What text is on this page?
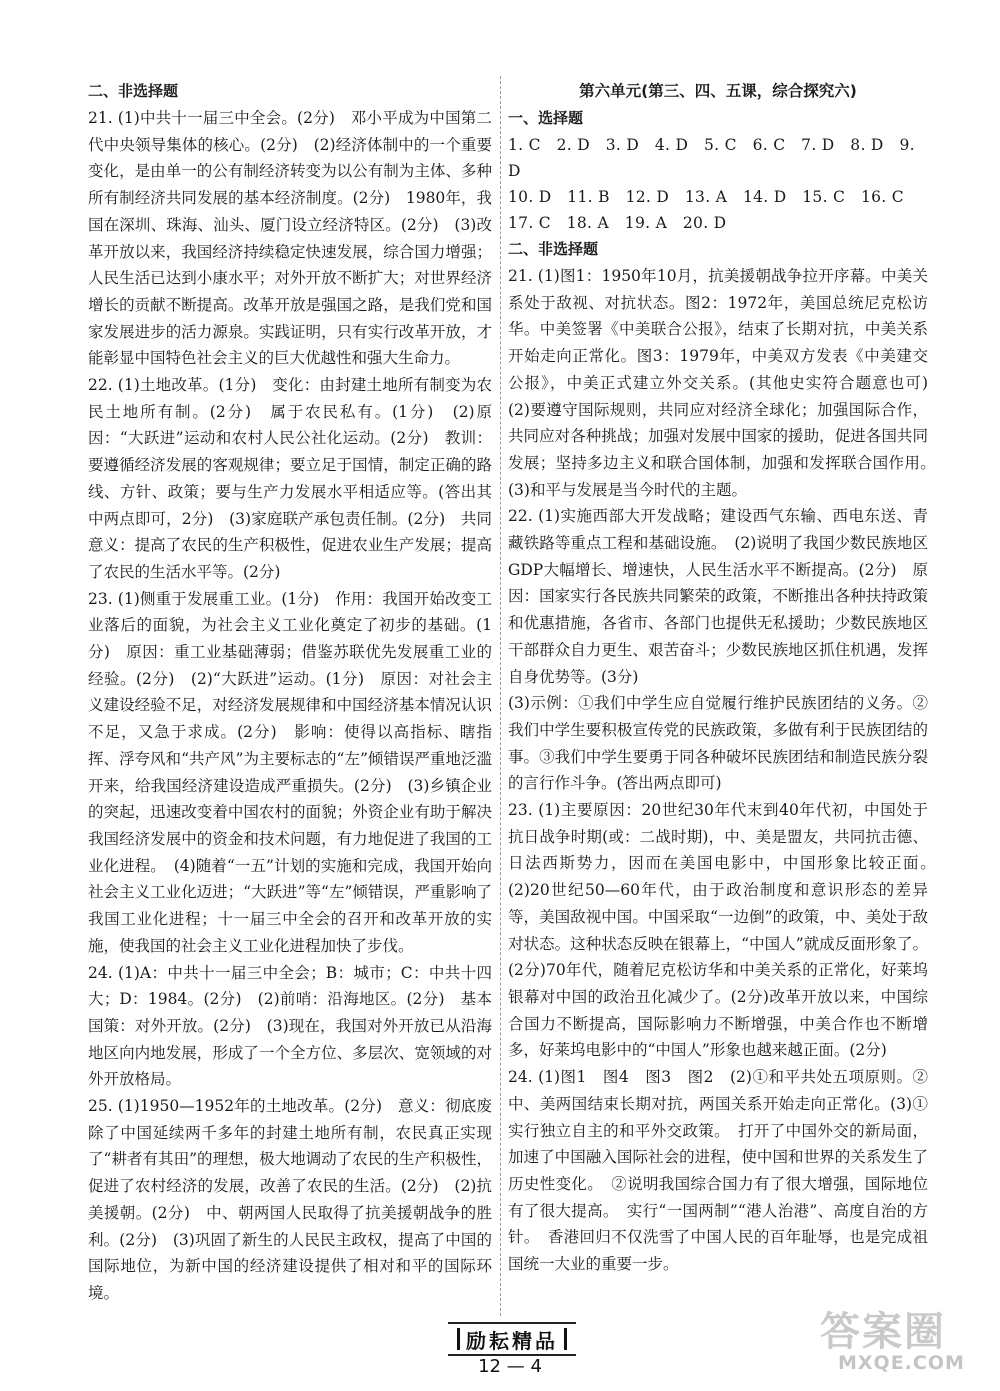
二、非选择题

21. (1)中共十一届三中全会。(2分)　邓小平成为中国第二代中央领导集体的核心。(2分)　(2)经济体制中的一个重要变化，是由单一的公有制经济转变为以公有制为主体、多种所有制经济共同发展的基本经济制度。(2分)　1980年，我国在深圳、珠海、汕头、厦门设立经济特区。(2分)　(3)改革开放以来，我国经济持续稳定快速发展，综合国力增强；人民生活已达到小康水平；对外开放不断扩大；对世界经济增长的贡献不断提高。改革开放是强国之路，是我们党和国家发展进步的活力源泉。实践证明，只有实行改革开放，才能彰显中国特色社会主义的巨大优越性和强大生命力。

22. (1)土地改革。(1分)　变化：由封建土地所有制变为农民土地所有制。(2分)　属于农民私有。(1分)　(2)原因：“大跃进”运动和农村人民公社化运动。(2分)　教训：要遵循经济发展的客观规律；要立足于国情，制定正确的路线、方针、政策；要与生产力发展水平相适应等。(答出其中两点即可，2分)　(3)家庭联产承包责任制。(2分)　共同意义：提高了农民的生产积极性，促进农业生产发展；提高了农民的生活水平等。(2分)

23. (1)侧重于发展重工业。(1分)　作用：我国开始改变工业落后的面貌，为社会主义工业化奠定了初步的基础。(1分)　原因：重工业基础薄弱；借鉴苏联优先发展重工业的经验。(2分)　(2)“大跃进”运动。(1分)　原因：对社会主义建设经验不足，对经济发展规律和中国经济基本情况认识不足，又急于求成。(2分)　影响：使得以高指标、瞎指挥、浮夸风和“共产风”为主要标志的“左”倾错误严重地泛滥开来，给我国经济建设造成严重损失。(2分)　(3)乡镇企业的突起，迅速改变着中国农村的面貌；外资企业有助于解决我国经济发展中的资金和技术问题，有力地促进了我国的工业化进程。　(4)随着“一五”计划的实施和完成，我国开始向社会主义工业化迈进；“大跃进”等“左”倾错误，严重影响了我国工业化进程；十一届三中全会的召开和改革开放的实施，使我国的社会主义工业化进程加快了步伐。

24. (1)A：中共十一届三中全会；B：城市；C：中共十四大；D：1984。(2分)　(2)前哨：沿海地区。(2分)　基本国策：对外开放。(2分)　(3)现在，我国对外开放已从沿海地区向内地发展，形成了一个全方位、多层次、宽领域的对外开放格局。

25. (1)1950—1952年的土地改革。(2分)　意义：彻底废除了中国延续两千多年的封建土地所有制，农民真正实现了“耕者有其田”的理想，极大地调动了农民的生产积极性，促进了农村经济的发展，改善了农民的生活。(2分)　(2)抗美援朝。(2分)　中、朝两国人民取得了抗美援朝战争的胜利。(2分)　(3)巩固了新生的人民民主政权，提高了中国的国际地位，为新中国的经济建设提供了相对和平的国际环境。

第六单元(第三、四、五课，综合探究六)
一、选择题
1. C　2. D　3. D　4. D　5. C　6. C　7. D　8. D　9. D
10. D　11. B　12. D　13. A　14. D　15. C　16. C
17. C　18. A　19. A　20. D
二、非选择题

21. (1)图1：1950年10月，抗美援朝战争拉开序幕。中美关系处于敌视、对抗状态。图2：1972年，美国总统尼克松访华。中美签署《中美联合公报》，结束了长期对抗，中美关系开始走向正常化。图3：1979年，中美双方发表《中美建交公报》，中美正式建立外交关系。(其他史实符合题意也可)　(2)要遵守国际规则，共同应对经济全球化；加强国际合作，共同应对各种挑战；加强对发展中国家的援助，促进各国共同发展；坚持多边主义和联合国体制，加强和发挥联合国作用。　(3)和平与发展是当今时代的主题。

22. (1)实施西部大开发战略；建设西气东输、西电东送、青藏铁路等重点工程和基础设施。　(2)说明了我国少数民族地区GDP大幅增长、增速快，人民生活水平不断提高。(2分)　原因：国家实行各民族共同繁荣的政策，不断推出各种扶持政策和优惠措施，各省市、各部门也提供无私援助；少数民族地区干部群众自力更生、艰苦奋斗；少数民族地区抓住机遇，发挥自身优势等。(3分)

(3)示例：①我们中学生应自觉履行维护民族团结的义务。②我们中学生要积极宣传党的民族政策，多做有利于民族团结的事。③我们中学生要勇于同各种破坏民族团结和制造民族分裂的言行作斗争。(答出两点即可)

23. (1)主要原因：20世纪30年代末到40年代初，中国处于抗日战争时期(或：二战时期)，中、美是盟友，共同抗击德、日法西斯势力，因而在美国电影中，中国形象比较正面。　(2)20世纪50—60年代，由于政治制度和意识形态的差异等，美国敌视中国。中国采取“一边倒”的政策，中、美处于敌对状态。这种状态反映在银幕上，“中国人”就成反面形象了。(2分)70年代，随着尼克松访华和中美关系的正常化，好莱坞银幕对中国的政治丑化减少了。(2分)改革开放以来，中国综合国力不断提高，国际影响力不断增强，中美合作也不断增多，好莱坞电影中的“中国人”形象也越来越正面。(2分)

24. (1)图1　图4　图3　图2　(2)①和平共处五项原则。②中、美两国结束长期对抗，两国关系开始走向正常化。(3)①实行独立自主的和平外交政策。　打开了中国外交的新局面，加速了中国融入国际社会的进程，使中国和世界的关系发生了历史性变化。　②说明我国综合国力有了很大增强，国际地位有了很大提高。　实行“一国两制”“港人治港”、高度自治的方针。　香港回归不仅洗雪了中国人民的百年耻辱，也是完成祖国统一大业的重要一步。

励耘精品
12 — 4
答案圈
MXQE.COM
